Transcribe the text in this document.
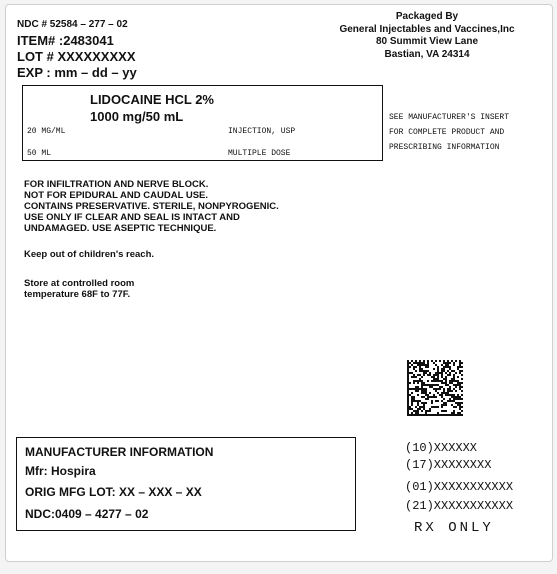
NDC # 52584 – 277 – 02
ITEM# :2483041
LOT # XXXXXXXXX
EXP : mm – dd – yy
Packaged By
General Injectables and Vaccines,Inc
80 Summit View Lane
Bastian, VA 24314
LIDOCAINE HCL 2%
1000 mg/50 mL
20 MG/ML	INJECTION, USP
50 ML	MULTIPLE DOSE
SEE MANUFACTURER'S INSERT
FOR COMPLETE PRODUCT AND
PRESCRIBING INFORMATION
FOR INFILTRATION AND NERVE BLOCK.
NOT FOR EPIDURAL AND CAUDAL USE.
CONTAINS PRESERVATIVE. STERILE, NONPYROGENIC.
USE ONLY IF CLEAR AND SEAL IS INTACT AND
UNDAMAGED. USE ASEPTIC TECHNIQUE.
Keep out of children's reach.
Store at controlled room
temperature 68F to 77F.
MANUFACTURER INFORMATION
Mfr: Hospira
ORIG MFG LOT: XX – XXX – XX
NDC:0409 – 4277 – 02
(10)XXXXXX
(17)XXXXXXXX
(01)XXXXXXXXXXX
(21)XXXXXXXXXXX
RX ONLY
